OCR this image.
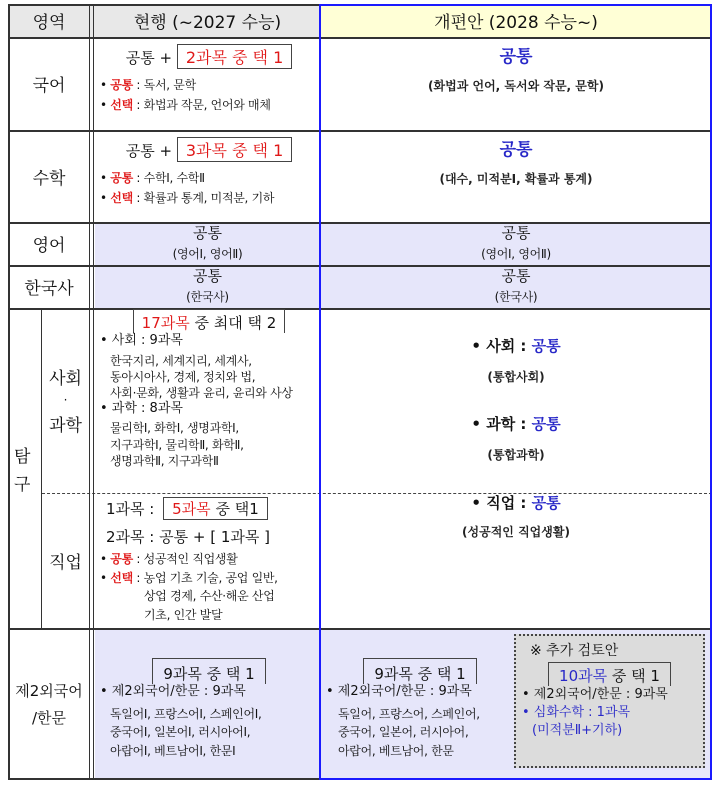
영역	현행 (~2027 수능)	개편안 (2028 수능~)
국어
공통 + 2과목 중 택 1
• 공통 : 독서, 문학
• 선택 : 화법과 작문, 언어와 매체
공통
(화법과 언어, 독서와 작문, 문학)
수학
공통 + 3과목 중 택 1
• 공통 : 수학Ⅰ, 수학Ⅱ
• 선택 : 확률과 통계, 미적분, 기하
공통
(대수, 미적분Ⅰ, 확률과 통계)
영어
공통
(영어Ⅰ, 영어Ⅱ)
공통
(영어Ⅰ, 영어Ⅱ)
한국사
공통
(한국사)
공통
(한국사)
탐
구
사회
·
과학
17과목 중 최대 택 2
• 사회 : 9과목
한국지리, 세계지리, 세계사,
동아시아사, 경제, 정치와 법,
사회·문화, 생활과 윤리, 윤리와 사상
• 과학 : 8과목
물리학Ⅰ, 화학Ⅰ, 생명과학Ⅰ,
지구과학Ⅰ, 물리학Ⅱ, 화학Ⅱ,
생명과학Ⅱ, 지구과학Ⅱ
• 사회 : 공통
(통합사회)
• 과학 : 공통
(통합과학)
직업
1과목 : 5과목 중 택1
2과목 : 공통 + [ 1과목 ]
• 공통 : 성공적인 직업생활
• 선택 : 농업 기초 기술, 공업 일반,
상업 경제, 수산·해운 산업
기초, 인간 발달
• 직업 : 공통
(성공적인 직업생활)
제2외국어
/한문
9과목 중 택 1
• 제2외국어/한문 : 9과목
독일어Ⅰ, 프랑스어Ⅰ, 스페인어Ⅰ,
중국어Ⅰ, 일본어Ⅰ, 러시아어Ⅰ,
아랍어Ⅰ, 베트남어Ⅰ, 한문Ⅰ
9과목 중 택 1
• 제2외국어/한문 : 9과목
독일어, 프랑스어, 스페인어,
중국어, 일본어, 러시아어,
아랍어, 베트남어, 한문
※ 추가 검토안
10과목 중 택 1
• 제2외국어/한문 : 9과목
• 심화수학 : 1과목
(미적분Ⅱ+기하)
